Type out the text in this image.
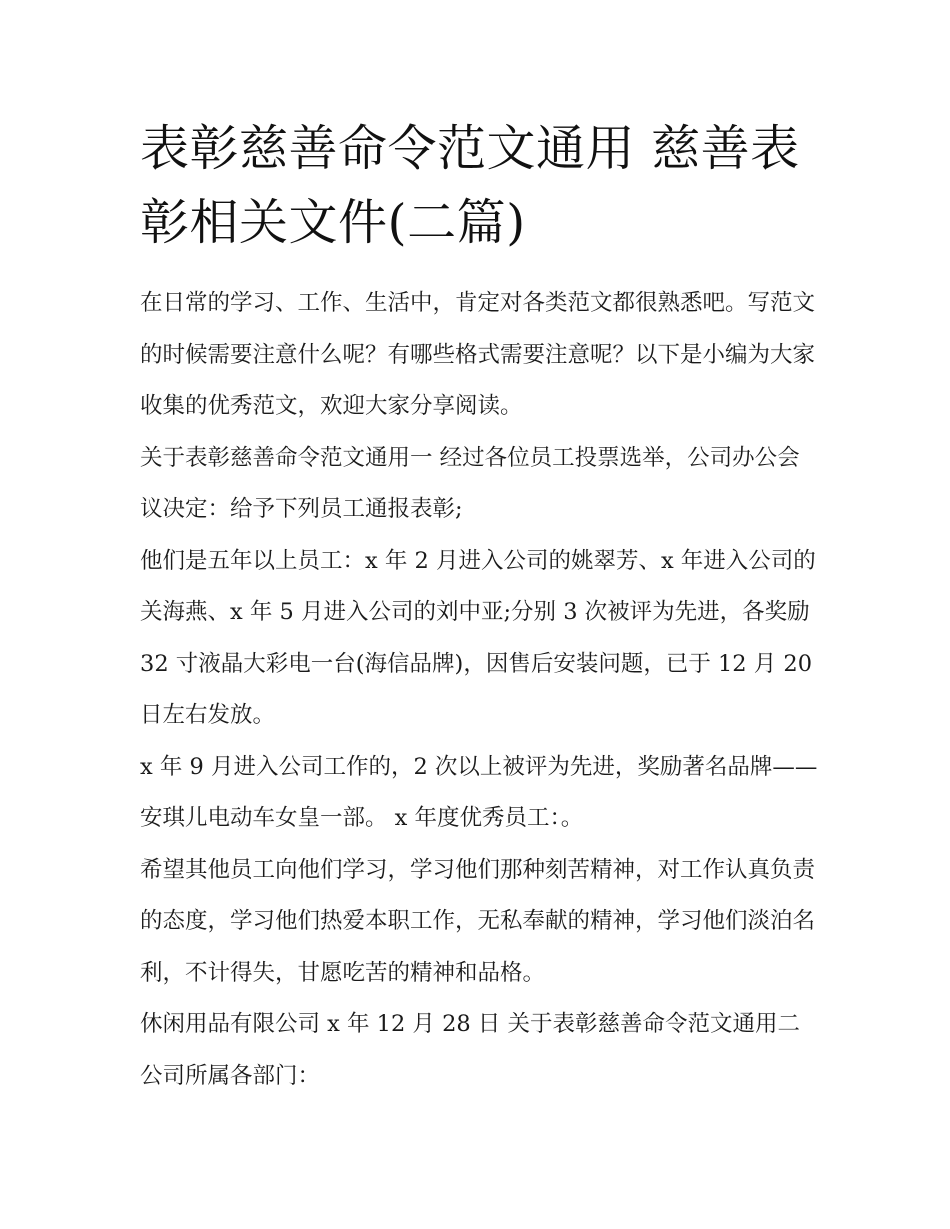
表彰慈善命令范文通用 慈善表彰相关文件(二篇)

在日常的学习、工作、生活中，肯定对各类范文都很熟悉吧。写范文的时候需要注意什么呢？有哪些格式需要注意呢？以下是小编为大家收集的优秀范文，欢迎大家分享阅读。

关于表彰慈善命令范文通用一 经过各位员工投票选举，公司办公会议决定：给予下列员工通报表彰;

他们是五年以上员工：x 年 2 月进入公司的姚翠芳、x 年进入公司的关海燕、x 年 5 月进入公司的刘中亚;分别 3 次被评为先进，各奖励 32 寸液晶大彩电一台(海信品牌)，因售后安装问题，已于 12 月 20 日左右发放。

x 年 9 月进入公司工作的，2 次以上被评为先进，奖励著名品牌——安琪儿电动车女皇一部。 x 年度优秀员工：。

希望其他员工向他们学习，学习他们那种刻苦精神，对工作认真负责的态度，学习他们热爱本职工作，无私奉献的精神，学习他们淡泊名利，不计得失，甘愿吃苦的精神和品格。

休闲用品有限公司 x 年 12 月 28 日 关于表彰慈善命令范文通用二 公司所属各部门：
